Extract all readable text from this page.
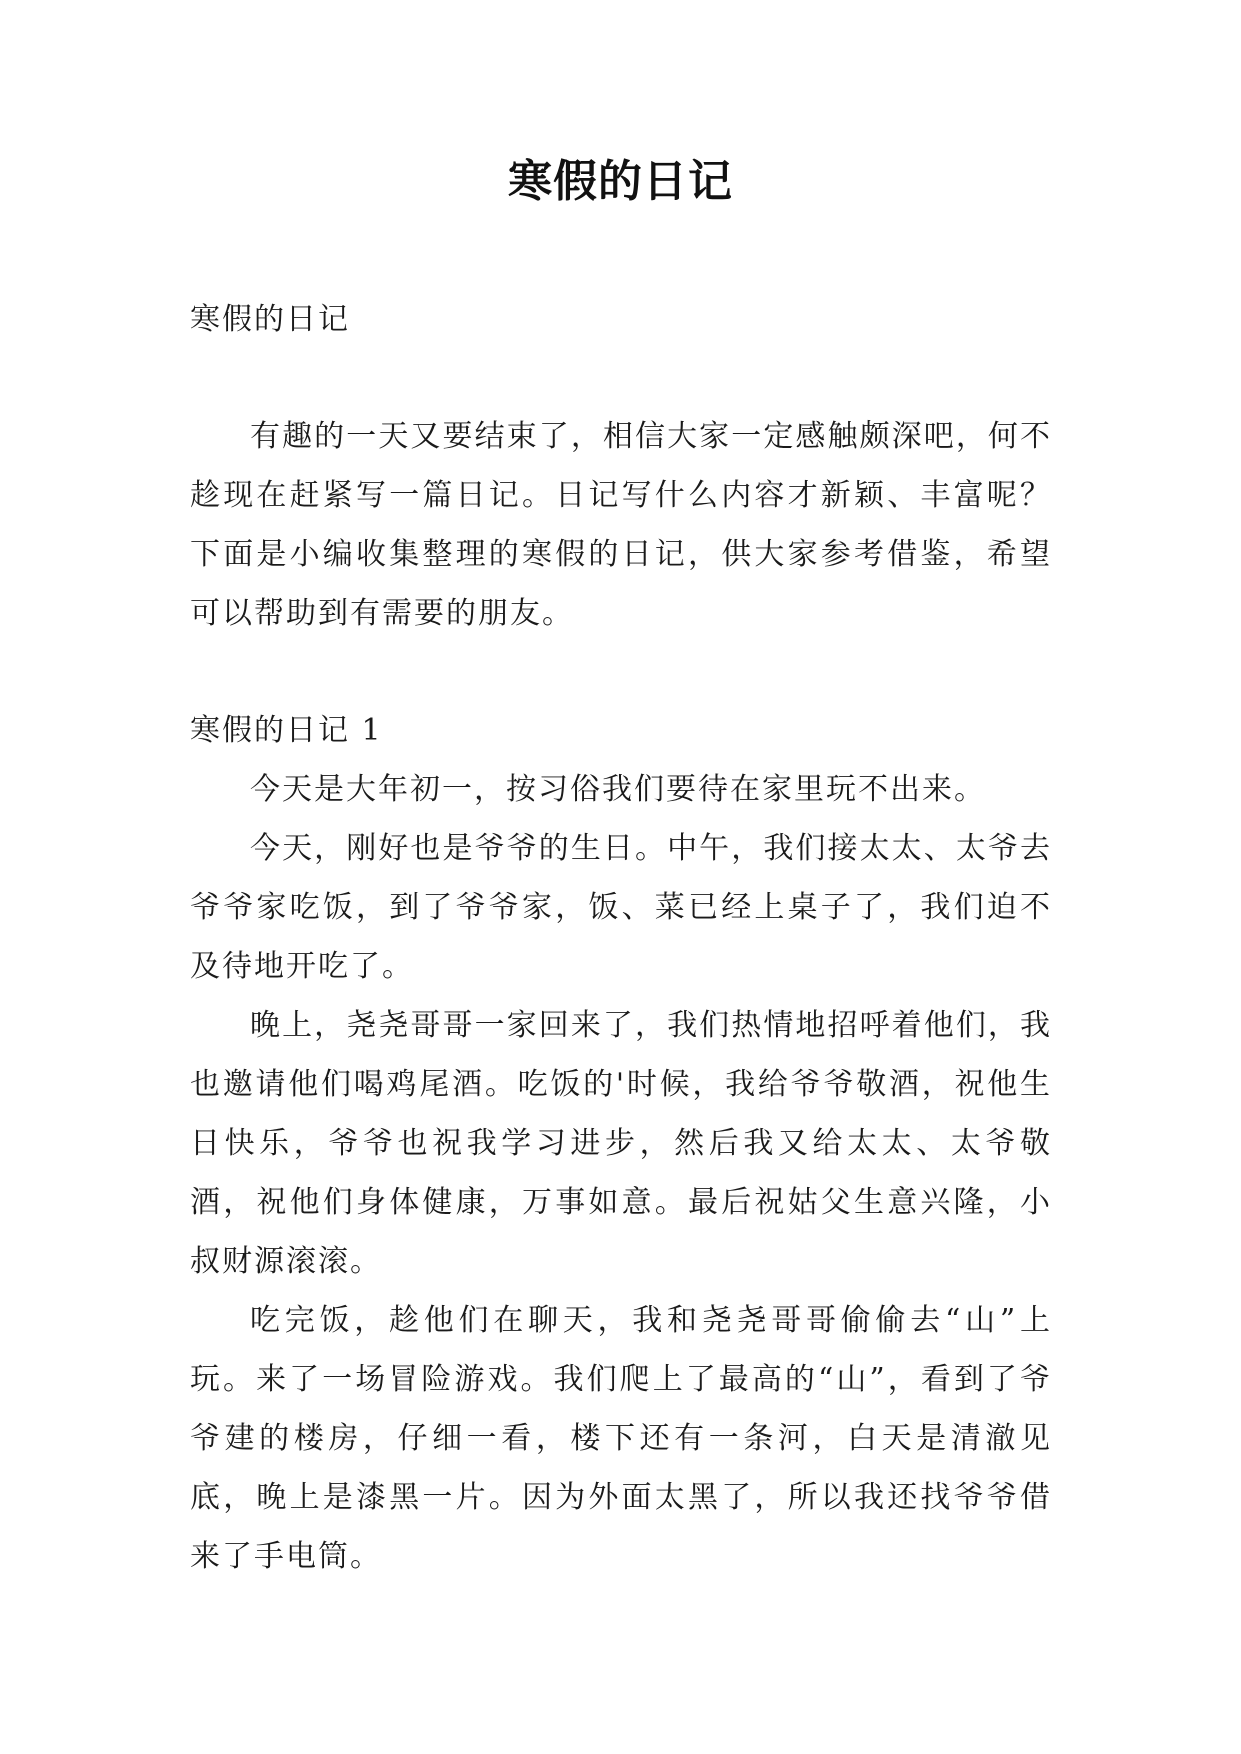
寒假的日记

寒假的日记

有趣的一天又要结束了，相信大家一定感触颇深吧，何不趁现在赶紧写一篇日记。日记写什么内容才新颖、丰富呢？下面是小编收集整理的寒假的日记，供大家参考借鉴，希望可以帮助到有需要的朋友。

寒假的日记 1

今天是大年初一，按习俗我们要待在家里玩不出来。

今天，刚好也是爷爷的生日。中午，我们接太太、太爷去爷爷家吃饭，到了爷爷家，饭、菜已经上桌子了，我们迫不及待地开吃了。

晚上，尧尧哥哥一家回来了，我们热情地招呼着他们，我也邀请他们喝鸡尾酒。吃饭的'时候，我给爷爷敬酒，祝他生日快乐，爷爷也祝我学习进步，然后我又给太太、太爷敬酒，祝他们身体健康，万事如意。最后祝姑父生意兴隆，小叔财源滚滚。

吃完饭，趁他们在聊天，我和尧尧哥哥偷偷去“山”上玩。来了一场冒险游戏。我们爬上了最高的“山”，看到了爷爷建的楼房，仔细一看，楼下还有一条河，白天是清澈见底，晚上是漆黑一片。因为外面太黑了，所以我还找爷爷借来了手电筒。
